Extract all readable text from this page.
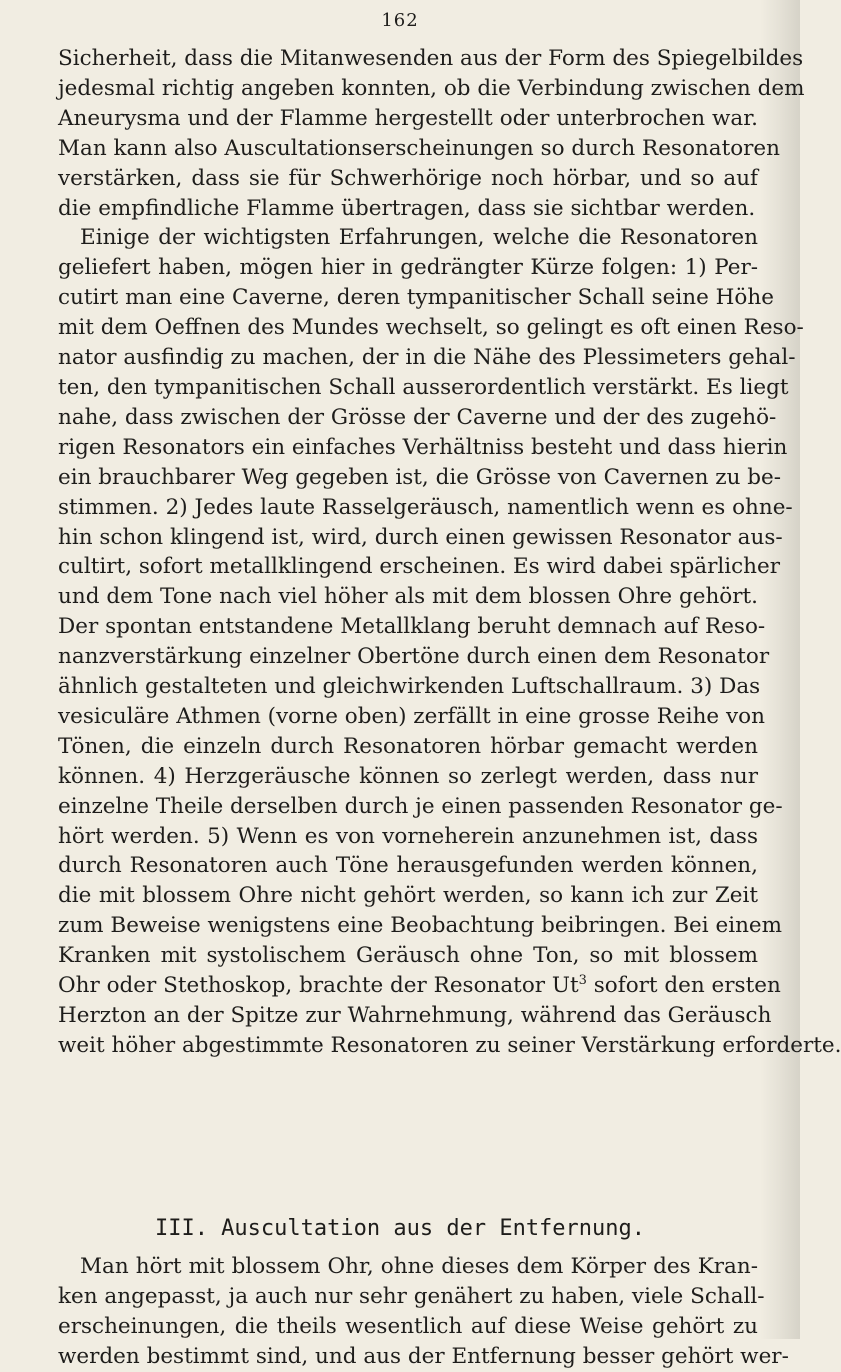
162
Sicherheit, dass die Mitanwesenden aus der Form des Spiegelbildes
jedesmal richtig angeben konnten, ob die Verbindung zwischen dem
Aneurysma und der Flamme hergestellt oder unterbrochen war.
Man kann also Auscultationserscheinungen so durch Resonatoren
verstärken, dass sie für Schwerhörige noch hörbar, und so auf
die empfindliche Flamme übertragen, dass sie sichtbar werden.
Einige der wichtigsten Erfahrungen, welche die Resonatoren
geliefert haben, mögen hier in gedrängter Kürze folgen: 1) Per-
cutirt man eine Caverne, deren tympanitischer Schall seine Höhe
mit dem Oeffnen des Mundes wechselt, so gelingt es oft einen Reso-
nator ausfindig zu machen, der in die Nähe des Plessimeters gehal-
ten, den tympanitischen Schall ausserordentlich verstärkt. Es liegt
nahe, dass zwischen der Grösse der Caverne und der des zugehö-
rigen Resonators ein einfaches Verhältniss besteht und dass hierin
ein brauchbarer Weg gegeben ist, die Grösse von Cavernen zu be-
stimmen. 2) Jedes laute Rasselgeräusch, namentlich wenn es ohne-
hin schon klingend ist, wird, durch einen gewissen Resonator aus-
cultirt, sofort metallklingend erscheinen. Es wird dabei spärlicher
und dem Tone nach viel höher als mit dem blossen Ohre gehört.
Der spontan entstandene Metallklang beruht demnach auf Reso-
nanzverstärkung einzelner Obertöne durch einen dem Resonator
ähnlich gestalteten und gleichwirkenden Luftschallraum. 3) Das
vesiculäre Athmen (vorne oben) zerfällt in eine grosse Reihe von
Tönen, die einzeln durch Resonatoren hörbar gemacht werden
können. 4) Herzgeräusche können so zerlegt werden, dass nur
einzelne Theile derselben durch je einen passenden Resonator ge-
hört werden. 5) Wenn es von vorneherein anzunehmen ist, dass
durch Resonatoren auch Töne herausgefunden werden können,
die mit blossem Ohre nicht gehört werden, so kann ich zur Zeit
zum Beweise wenigstens eine Beobachtung beibringen. Bei einem
Kranken mit systolischem Geräusch ohne Ton, so mit blossem
Ohr oder Stethoskop, brachte der Resonator Ut$^3$ sofort den ersten
Herzton an der Spitze zur Wahrnehmung, während das Geräusch
weit höher abgestimmte Resonatoren zu seiner Verstärkung erforderte.
III. Auscultation aus der Entfernung.
Man hört mit blossem Ohr, ohne dieses dem Körper des Kran-
ken angepasst, ja auch nur sehr genähert zu haben, viele Schall-
erscheinungen, die theils wesentlich auf diese Weise gehört zu
werden bestimmt sind, und aus der Entfernung besser gehört wer-
